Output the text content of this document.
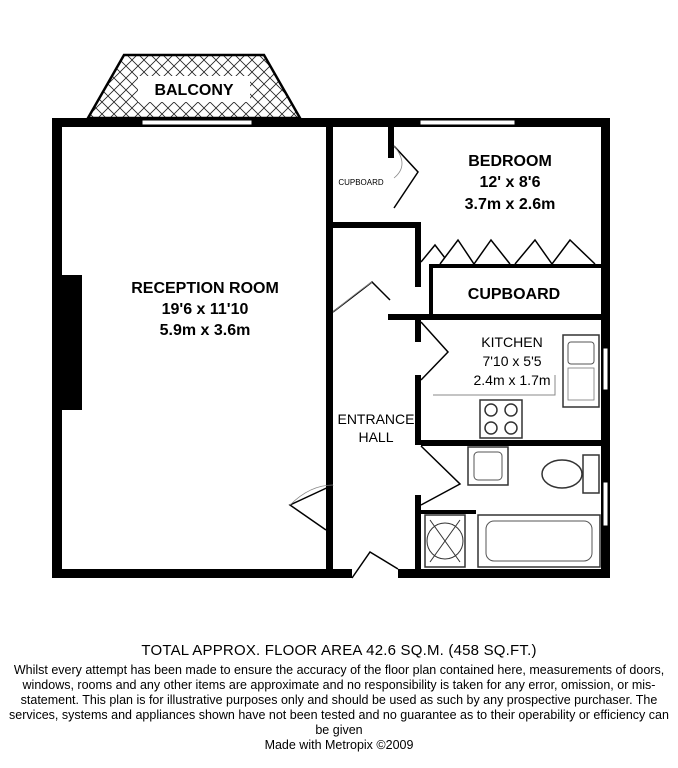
BALCONY
RECEPTION ROOM
19'6 x 11'10
5.9m x 3.6m
BEDROOM
12' x 8'6
3.7m x 2.6m
CUPBOARD
CUPBOARD
KITCHEN
7'10 x 5'5
2.4m x 1.7m
ENTRANCE
HALL
TOTAL APPROX. FLOOR AREA 42.6 SQ.M. (458 SQ.FT.)
Whilst every attempt has been made to ensure the accuracy of the floor plan contained here, measurements of doors, windows, rooms and any other items are approximate and no responsibility is taken for any error, omission, or mis-statement. This plan is for illustrative purposes only and should be used as such by any prospective purchaser. The services, systems and appliances shown have not been tested and no guarantee as to their operability or efficiency can be given
Made with Metropix ©2009
